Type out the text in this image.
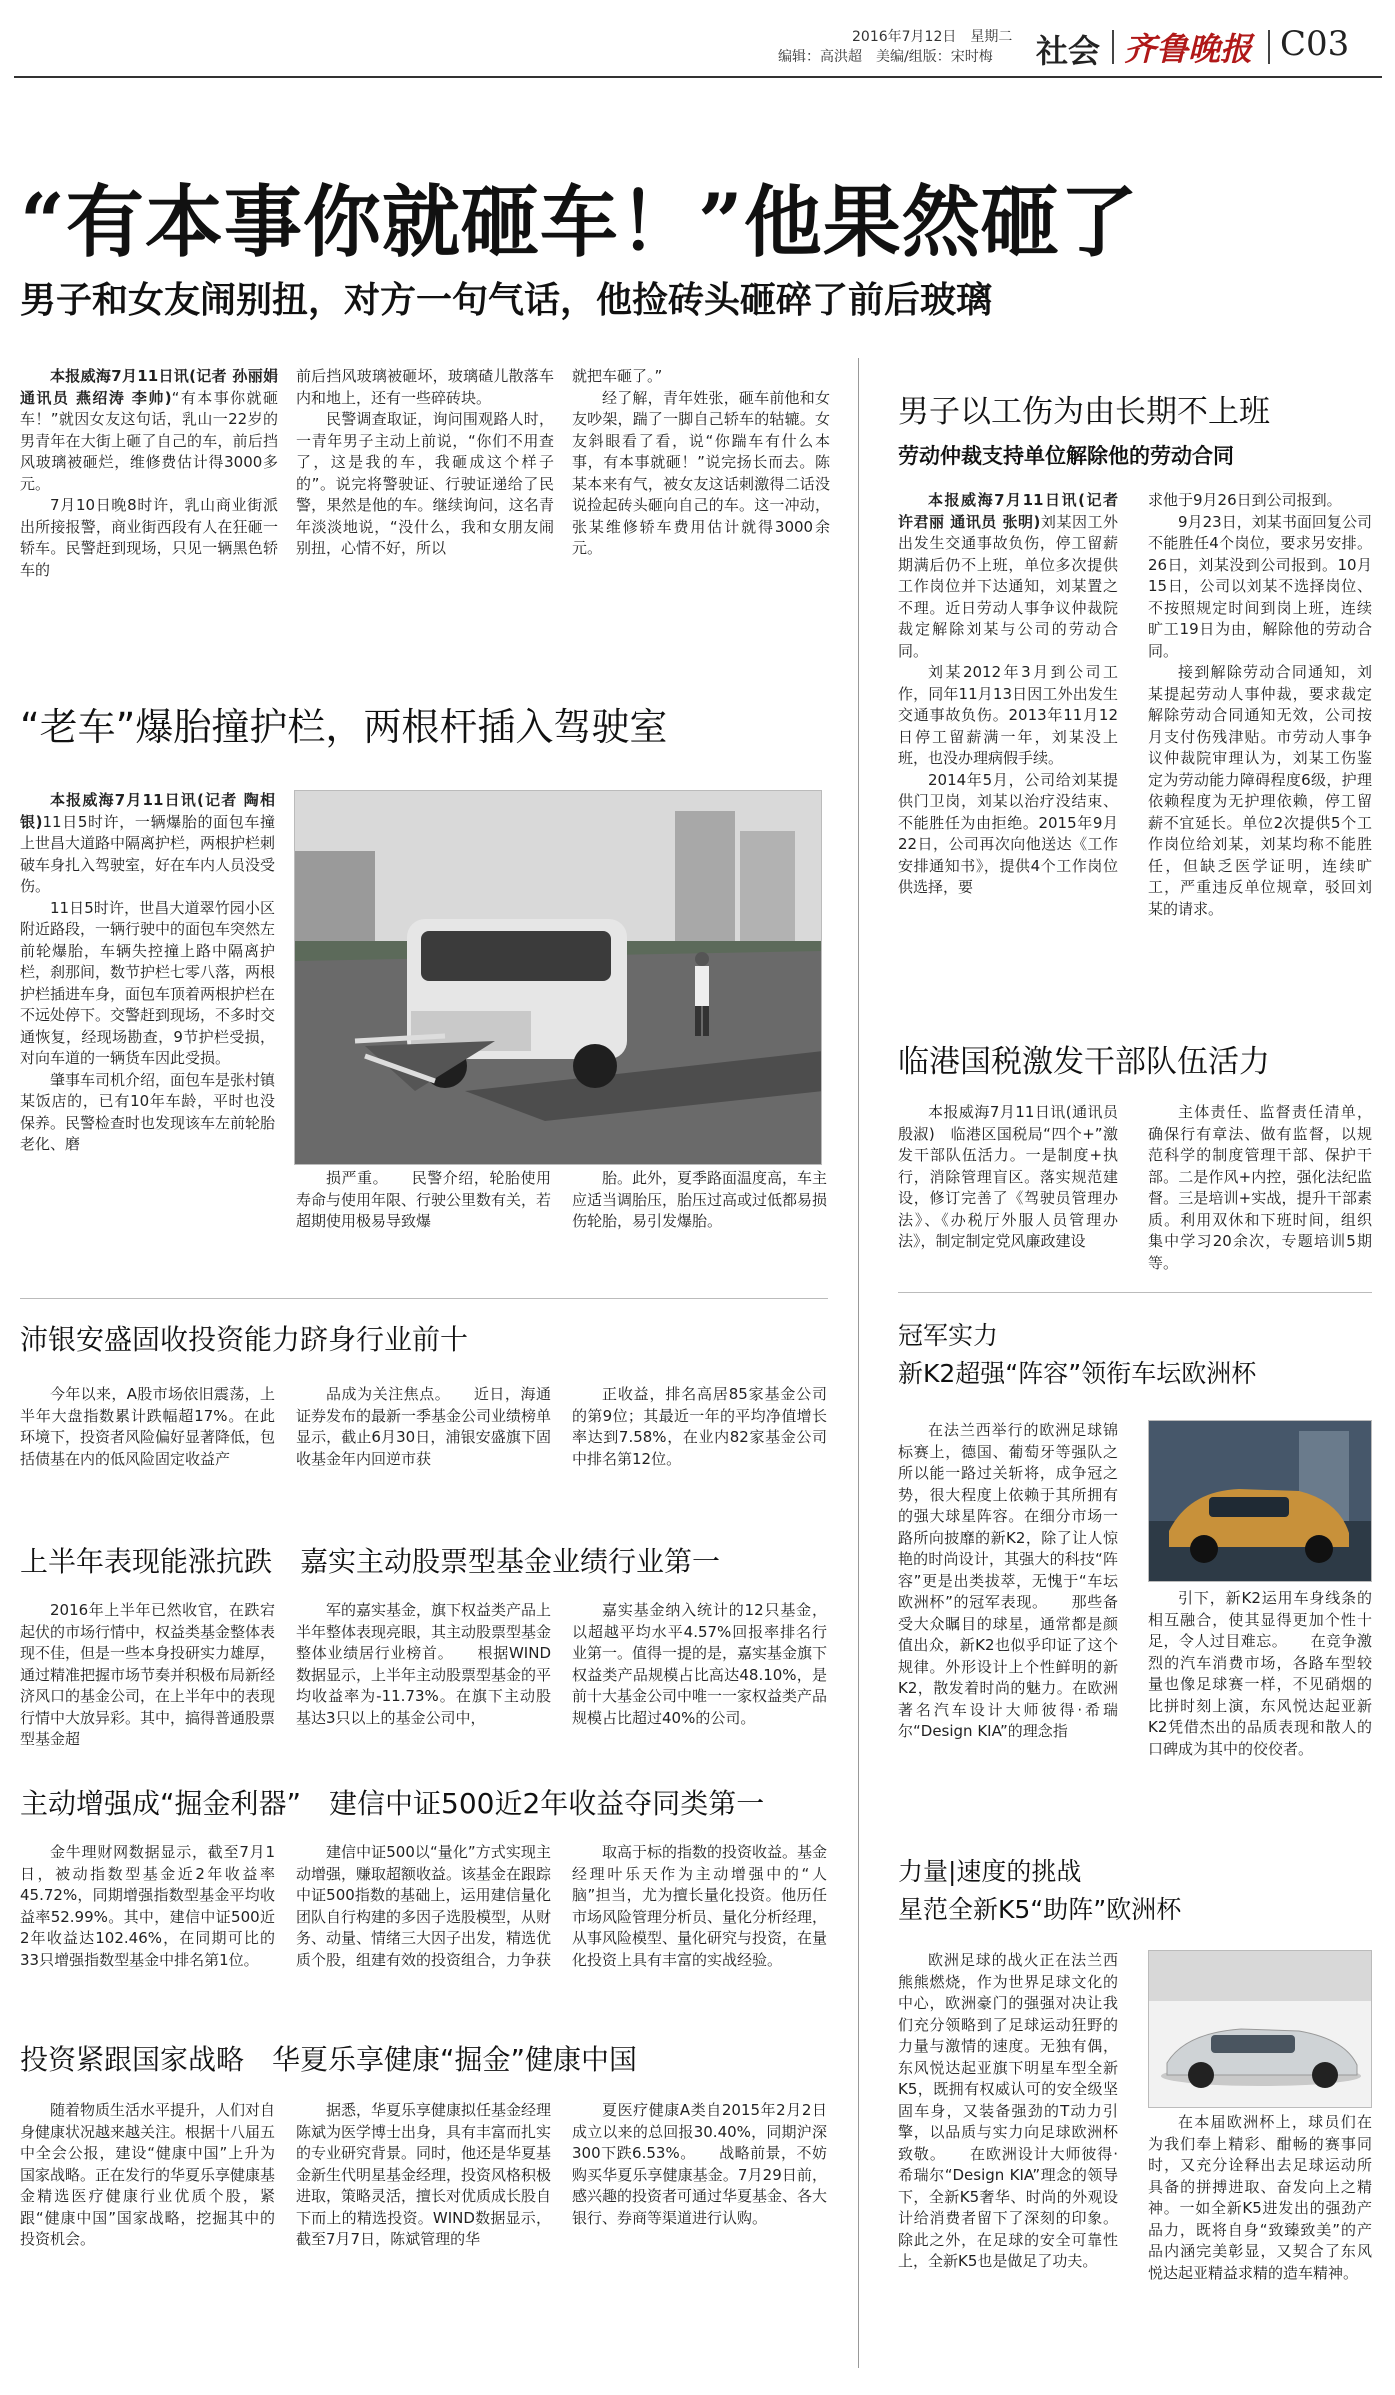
2016年7月12日　星期二
编辑：高洪超　美编/组版：宋时梅 社会 齐鲁晚报 C03
“有本事你就砸车！”他果然砸了
男子和女友闹别扭，对方一句气话，他捡砖头砸碎了前后玻璃

本报威海7月11日讯(记者 孙丽娟 通讯员 燕绍涛 李帅)“有本事你就砸车！”就因女友这句话，乳山一22岁的男青年在大街上砸了自己的车，前后挡风玻璃被砸烂，维修费估计得3000多元。

7月10日晚8时许，乳山商业街派出所接报警，商业街西段有人在狂砸一轿车。民警赶到现场，只见一辆黑色轿车的

前后挡风玻璃被砸坏，玻璃碴儿散落车内和地上，还有一些碎砖块。

民警调查取证，询问围观路人时，一青年男子主动上前说，“你们不用查了，这是我的车，我砸成这个样子的”。说完将警驶证、行驶证递给了民警，果然是他的车。继续询问，这名青年淡淡地说，“没什么，我和女朋友闹别扭，心情不好，所以

就把车砸了。”

经了解，青年姓张，砸车前他和女友吵架，踹了一脚自己轿车的轱辘。女友斜眼看了看，说“你踹车有什么本事，有本事就砸！”说完扬长而去。陈某本来有气，被女友这话刺激得二话没说捡起砖头砸向自己的车。这一冲动，张某维修轿车费用估计就得3000余元。

“老车”爆胎撞护栏，两根杆插入驾驶室

本报威海7月11日讯(记者 陶相银)11日5时许，一辆爆胎的面包车撞上世昌大道路中隔离护栏，两根护栏刺破车身扎入驾驶室，好在车内人员没受伤。

11日5时许，世昌大道翠竹园小区附近路段，一辆行驶中的面包车突然左前轮爆胎，车辆失控撞上路中隔离护栏，刹那间，数节护栏七零八落，两根护栏插进车身，面包车顶着两根护栏在不远处停下。交警赶到现场，不多时交通恢复，经现场勘查，9节护栏受损，对向车道的一辆货车因此受损。

肇事车司机介绍，面包车是张村镇某饭店的，已有10年车龄，平时也没保养。民警检查时也发现该车左前轮胎老化、磨

损严重。　　民警介绍，轮胎使用寿命与使用年限、行驶公里数有关，若超期使用极易导致爆
胎。此外，夏季路面温度高，车主应适当调胎压，胎压过高或过低都易损伤轮胎，易引发爆胎。
男子以工伤为由长期不上班
劳动仲裁支持单位解除他的劳动合同

本报威海7月11日讯(记者 许君丽 通讯员 张明)刘某因工外出发生交通事故负伤，停工留薪期满后仍不上班，单位多次提供工作岗位并下达通知，刘某置之不理。近日劳动人事争议仲裁院裁定解除刘某与公司的劳动合同。

刘某2012年3月到公司工作，同年11月13日因工外出发生交通事故负伤。2013年11月12日停工留薪满一年，刘某没上班，也没办理病假手续。

2014年5月，公司给刘某提供门卫岗，刘某以治疗没结束、不能胜任为由拒绝。2015年9月22日，公司再次向他送达《工作安排通知书》，提供4个工作岗位供选择，要

求他于9月26日到公司报到。

9月23日，刘某书面回复公司不能胜任4个岗位，要求另安排。26日，刘某没到公司报到。10月15日，公司以刘某不选择岗位、不按照规定时间到岗上班，连续旷工19日为由，解除他的劳动合同。

接到解除劳动合同通知，刘某提起劳动人事仲裁，要求裁定解除劳动合同通知无效，公司按月支付伤残津贴。市劳动人事争议仲裁院审理认为，刘某工伤鉴定为劳动能力障碍程度6级，护理依赖程度为无护理依赖，停工留薪不宜延长。单位2次提供5个工作岗位给刘某，刘某均称不能胜任，但缺乏医学证明，连续旷工，严重违反单位规章，驳回刘某的请求。

临港国税激发干部队伍活力
本报威海7月11日讯(通讯员 殷淑)　临港区国税局“四个+”激发干部队伍活力。一是制度+执行，消除管理盲区。落实规范建设，修订完善了《驾驶员管理办法》、《办税厅外服人员管理办法》，制定制定党风廉政建设
主体责任、监督责任清单，确保行有章法、做有监督，以规范科学的制度管理干部、保护干部。二是作风+内控，强化法纪监督。三是培训+实战，提升干部素质。利用双休和下班时间，组织集中学习20余次，专题培训5期等。
沛银安盛固收投资能力跻身行业前十
今年以来，A股市场依旧震荡，上半年大盘指数累计跌幅超17%。在此环境下，投资者风险偏好显著降低，包括债基在内的低风险固定收益产
品成为关注焦点。　　近日，海通证券发布的最新一季基金公司业绩榜单显示，截止6月30日，浦银安盛旗下固收基金年内回逆市获
正收益，排名高居85家基金公司的第9位；其最近一年的平均净值增长率达到7.58%，在业内82家基金公司中排名第12位。
上半年表现能涨抗跌　嘉实主动股票型基金业绩行业第一
2016年上半年已然收官，在跌宕起伏的市场行情中，权益类基金整体表现不佳，但是一些本身投研实力雄厚，通过精准把握市场节奏并积极布局新经济风口的基金公司，在上半年中的表现行情中大放异彩。其中，搞得普通股票型基金超
军的嘉实基金，旗下权益类产品上半年整体表现亮眼，其主动股票型基金整体业绩居行业榜首。　　根据WIND数据显示，上半年主动股票型基金的平均收益率为-11.73%。在旗下主动股基达3只以上的基金公司中，
嘉实基金纳入统计的12只基金，以超越平均水平4.57%回报率排名行业第一。值得一提的是，嘉实基金旗下权益类产品规模占比高达48.10%，是前十大基金公司中唯一一家权益类产品规模占比超过40%的公司。
主动增强成“掘金利器”　建信中证500近2年收益夺同类第一
金牛理财网数据显示，截至7月1日，被动指数型基金近2年收益率45.72%，同期增强指数型基金平均收益率52.99%。其中，建信中证500近2年收益达102.46%，在同期可比的33只增强指数型基金中排名第1位。
建信中证500以“量化”方式实现主动增强，赚取超额收益。该基金在跟踪中证500指数的基础上，运用建信量化团队自行构建的多因子选股模型，从财务、动量、情绪三大因子出发，精选优质个股，组建有效的投资组合，力争获
取高于标的指数的投资收益。基金经理叶乐天作为主动增强中的“人脑”担当，尤为擅长量化投资。他历任市场风险管理分析员、量化分析经理，从事风险模型、量化研究与投资，在量化投资上具有丰富的实战经验。
投资紧跟国家战略　华夏乐享健康“掘金”健康中国
随着物质生活水平提升，人们对自身健康状况越来越关注。根据十八届五中全会公报，建设“健康中国”上升为国家战略。正在发行的华夏乐享健康基金精选医疗健康行业优质个股，紧跟“健康中国”国家战略，挖掘其中的投资机会。
据悉，华夏乐享健康拟任基金经理陈斌为医学博士出身，具有丰富而扎实的专业研究背景。同时，他还是华夏基金新生代明星基金经理，投资风格积极进取，策略灵活，擅长对优质成长股自下而上的精选投资。WIND数据显示，截至7月7日，陈斌管理的华
夏医疗健康A类自2015年2月2日成立以来的总回报30.40%，同期沪深300下跌6.53%。　　战略前景，不妨购买华夏乐享健康基金。7月29日前，感兴趣的投资者可通过华夏基金、各大银行、券商等渠道进行认购。
冠军实力
新K2超强“阵容”领衔车坛欧洲杯
在法兰西举行的欧洲足球锦标赛上，德国、葡萄牙等强队之所以能一路过关斩将，成争冠之势，很大程度上依赖于其所拥有的强大球星阵容。在细分市场一路所向披靡的新K2，除了让人惊艳的时尚设计，其强大的科技“阵容”更是出类拔萃，无愧于“车坛欧洲杯”的冠军表现。　　那些备受大众瞩目的球星，通常都是颜值出众，新K2也似乎印证了这个规律。外形设计上个性鲜明的新K2，散发着时尚的魅力。在欧洲著名汽车设计大师彼得·希瑞尔“Design KIA”的理念指
引下，新K2运用车身线条的相互融合，使其显得更加个性十足，令人过目难忘。　　在竞争激烈的汽车消费市场，各路车型较量也像足球赛一样，不见硝烟的比拼时刻上演，东风悦达起亚新K2凭借杰出的品质表现和散人的口碑成为其中的佼佼者。
力量|速度的挑战
星范全新K5“助阵”欧洲杯
欧洲足球的战火正在法兰西熊熊燃烧，作为世界足球文化的中心，欧洲豪门的强强对决让我们充分领略到了足球运动狂野的力量与激情的速度。无独有偶，东风悦达起亚旗下明星车型全新K5，既拥有权威认可的安全级坚固车身，又装备强劲的T动力引擎，以品质与实力向足球欧洲杯致敬。　　在欧洲设计大师彼得·希瑞尔“Design KIA”理念的领导下，全新K5奢华、时尚的外观设计给消费者留下了深刻的印象。除此之外，在足球的安全可靠性上，全新K5也是做足了功夫。
在本届欧洲杯上，球员们在为我们奉上精彩、酣畅的赛事同时，又充分诠释出去足球运动所具备的拼搏进取、奋发向上之精神。一如全新K5进发出的强劲产品力，既将自身“致臻致美”的产品内涵完美彰显，又契合了东风悦达起亚精益求精的造车精神。
